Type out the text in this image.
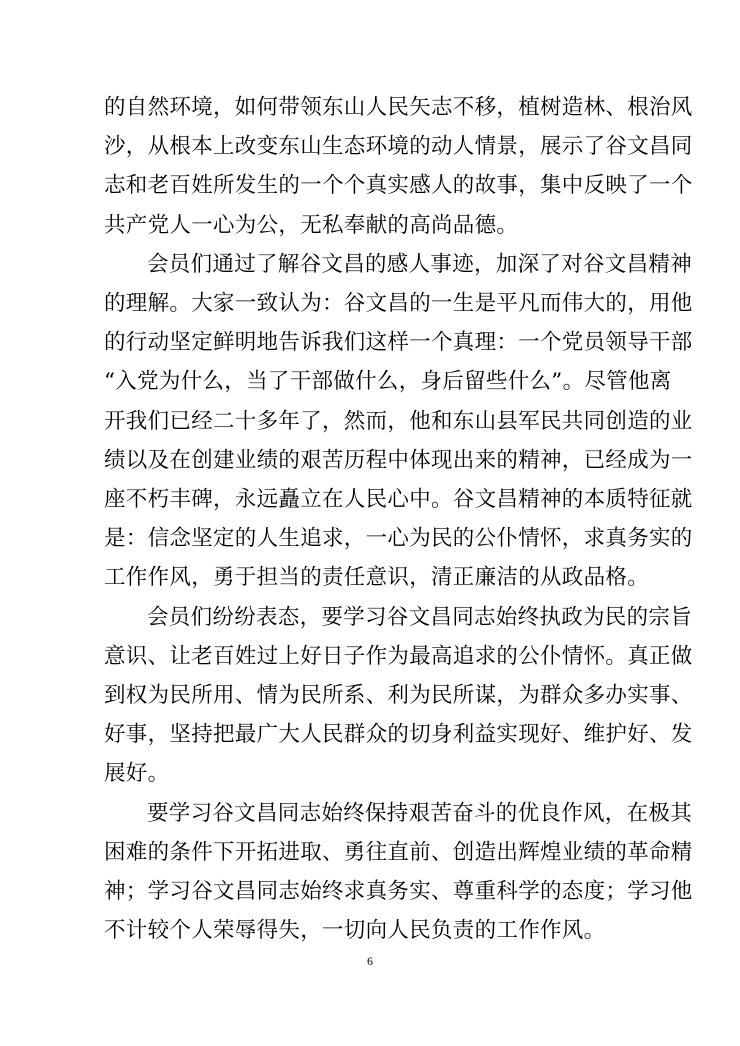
的自然环境，如何带领东山人民矢志不移，植树造林、根治风
沙，从根本上改变东山生态环境的动人情景，展示了谷文昌同
志和老百姓所发生的一个个真实感人的故事，集中反映了一个
共产党人一心为公，无私奉献的高尚品德。

会员们通过了解谷文昌的感人事迹，加深了对谷文昌精神
的理解。大家一致认为：谷文昌的一生是平凡而伟大的，用他
的行动坚定鲜明地告诉我们这样一个真理：一个党员领导干部
“入党为什么，当了干部做什么，身后留些什么”。尽管他离
开我们已经二十多年了，然而，他和东山县军民共同创造的业
绩以及在创建业绩的艰苦历程中体现出来的精神，已经成为一
座不朽丰碑，永远矗立在人民心中。谷文昌精神的本质特征就
是：信念坚定的人生追求，一心为民的公仆情怀，求真务实的
工作作风，勇于担当的责任意识，清正廉洁的从政品格。

会员们纷纷表态，要学习谷文昌同志始终执政为民的宗旨
意识、让老百姓过上好日子作为最高追求的公仆情怀。真正做
到权为民所用、情为民所系、利为民所谋，为群众多办实事、
好事，坚持把最广大人民群众的切身利益实现好、维护好、发
展好。

要学习谷文昌同志始终保持艰苦奋斗的优良作风，在极其
困难的条件下开拓进取、勇往直前、创造出辉煌业绩的革命精
神；学习谷文昌同志始终求真务实、尊重科学的态度；学习他
不计较个人荣辱得失，一切向人民负责的工作作风。

6
